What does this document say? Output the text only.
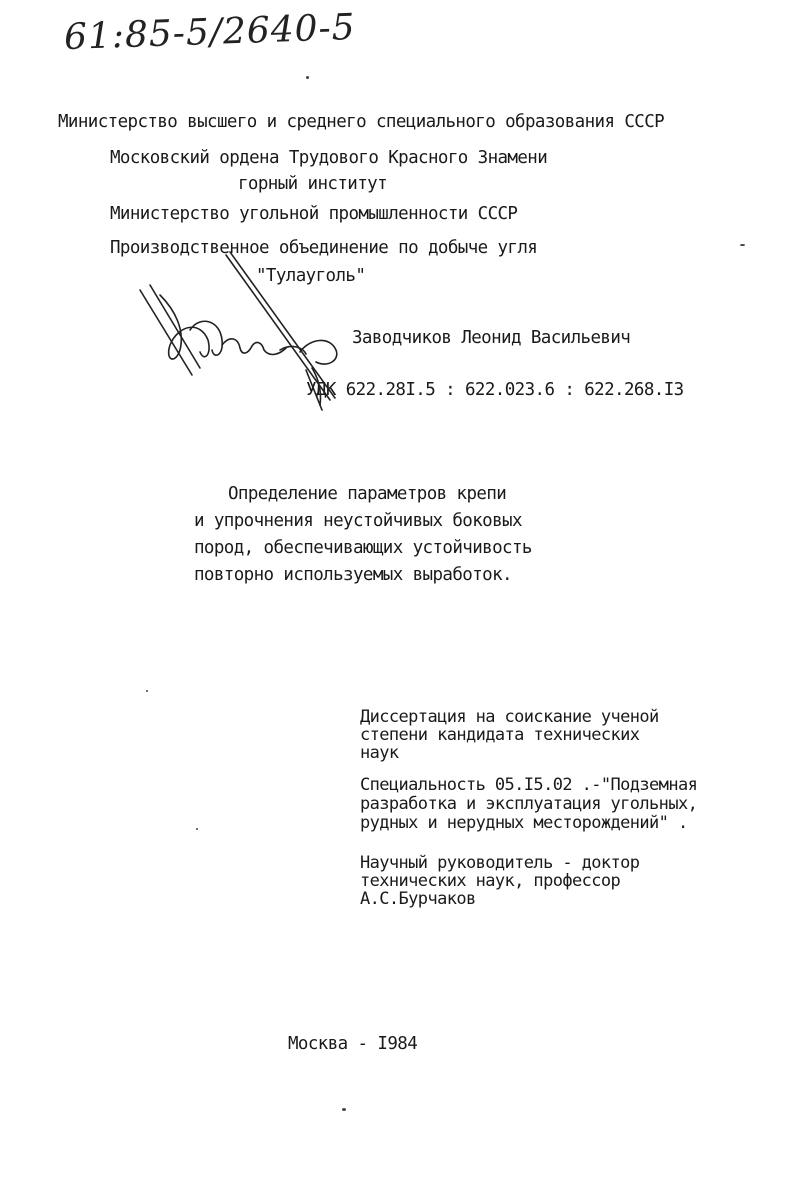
61:85-5/2640-5
Министерство высшего и среднего специального образования СССР
Московский ордена Трудового Красного Знамени
горный институт
Министерство угольной промышленности СССР
Производственное объединение по добыче угля
"Тулауголь"
Заводчиков Леонид Васильевич
УДК 622.28I.5 : 622.023.6 : 622.268.I3
Определение параметров крепи
и упрочнения неустойчивых боковых
пород, обеспечивающих устойчивость
повторно используемых выработок.
Диссертация на соискание ученой
степени кандидата технических
наук
Специальность 05.I5.02 .-"Подземная
разработка и эксплуатация угольных,
рудных и нерудных месторождений" .
Научный руководитель - доктор
технических наук, профессор
А.С.Бурчаков
Москва - I984
